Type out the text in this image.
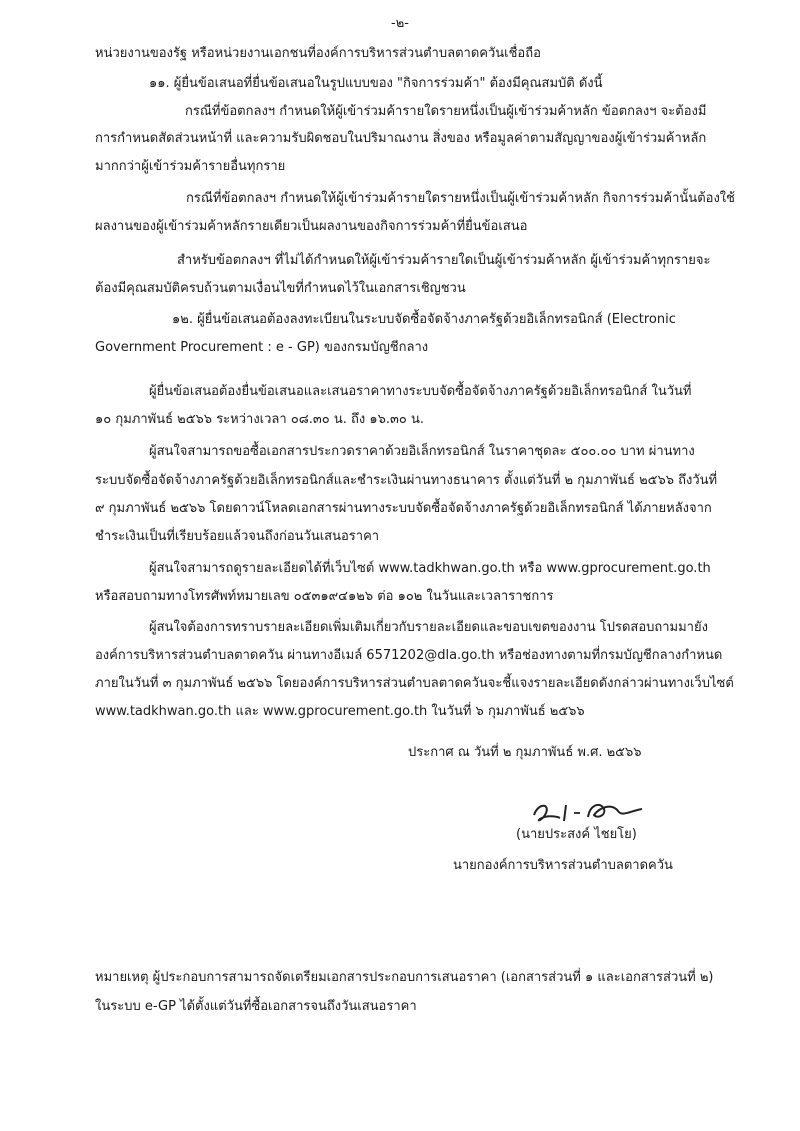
-๒-
หน่วยงานของรัฐ หรือหน่วยงานเอกชนที่องค์การบริหารส่วนตำบลตาดควันเชื่อถือ
๑๑. ผู้ยื่นข้อเสนอที่ยื่นข้อเสนอในรูปแบบของ "กิจการร่วมค้า" ต้องมีคุณสมบัติ ดังนี้
กรณีที่ข้อตกลงฯ กำหนดให้ผู้เข้าร่วมค้ารายใดรายหนึ่งเป็นผู้เข้าร่วมค้าหลัก ข้อตกลงฯ จะต้องมี
การกำหนดสัดส่วนหน้าที่ และความรับผิดชอบในปริมาณงาน สิ่งของ หรือมูลค่าตามสัญญาของผู้เข้าร่วมค้าหลัก
มากกว่าผู้เข้าร่วมค้ารายอื่นทุกราย
กรณีที่ข้อตกลงฯ กำหนดให้ผู้เข้าร่วมค้ารายใดรายหนึ่งเป็นผู้เข้าร่วมค้าหลัก กิจการร่วมค้านั้นต้องใช้
ผลงานของผู้เข้าร่วมค้าหลักรายเดียวเป็นผลงานของกิจการร่วมค้าที่ยื่นข้อเสนอ
สำหรับข้อตกลงฯ ที่ไม่ได้กำหนดให้ผู้เข้าร่วมค้ารายใดเป็นผู้เข้าร่วมค้าหลัก ผู้เข้าร่วมค้าทุกรายจะ
ต้องมีคุณสมบัติครบถ้วนตามเงื่อนไขที่กำหนดไว้ในเอกสารเชิญชวน
๑๒. ผู้ยื่นข้อเสนอต้องลงทะเบียนในระบบจัดซื้อจัดจ้างภาครัฐด้วยอิเล็กทรอนิกส์ (Electronic
Government Procurement : e - GP) ของกรมบัญชีกลาง
ผู้ยื่นข้อเสนอต้องยื่นข้อเสนอและเสนอราคาทางระบบจัดซื้อจัดจ้างภาครัฐด้วยอิเล็กทรอนิกส์ ในวันที่
๑๐ กุมภาพันธ์ ๒๕๖๖ ระหว่างเวลา ๐๘.๓๐ น. ถึง ๑๖.๓๐ น.
ผู้สนใจสามารถขอซื้อเอกสารประกวดราคาด้วยอิเล็กทรอนิกส์ ในราคาชุดละ ๕๐๐.๐๐ บาท ผ่านทาง
ระบบจัดซื้อจัดจ้างภาครัฐด้วยอิเล็กทรอนิกส์และชำระเงินผ่านทางธนาคาร ตั้งแต่วันที่ ๒ กุมภาพันธ์ ๒๕๖๖ ถึงวันที่
๙ กุมภาพันธ์ ๒๕๖๖ โดยดาวน์โหลดเอกสารผ่านทางระบบจัดซื้อจัดจ้างภาครัฐด้วยอิเล็กทรอนิกส์ ได้ภายหลังจาก
ชำระเงินเป็นที่เรียบร้อยแล้วจนถึงก่อนวันเสนอราคา
ผู้สนใจสามารถดูรายละเอียดได้ที่เว็บไซต์ www.tadkhwan.go.th หรือ www.gprocurement.go.th
หรือสอบถามทางโทรศัพท์หมายเลข ๐๕๓๑๙๔๑๒๖ ต่อ ๑๐๒ ในวันและเวลาราชการ
ผู้สนใจต้องการทราบรายละเอียดเพิ่มเติมเกี่ยวกับรายละเอียดและขอบเขตของงาน โปรดสอบถามมายัง
องค์การบริหารส่วนตำบลตาดควัน ผ่านทางอีเมล์ 6571202@dla.go.th หรือช่องทางตามที่กรมบัญชีกลางกำหนด
ภายในวันที่ ๓ กุมภาพันธ์ ๒๕๖๖ โดยองค์การบริหารส่วนตำบลตาดควันจะชี้แจงรายละเอียดดังกล่าวผ่านทางเว็บไซต์
www.tadkhwan.go.th และ www.gprocurement.go.th ในวันที่ ๖ กุมภาพันธ์ ๒๕๖๖
ประกาศ ณ วันที่ ๒ กุมภาพันธ์ พ.ศ. ๒๕๖๖
(นายประสงค์ ไชยโย)
นายกองค์การบริหารส่วนตำบลตาดควัน
หมายเหตุ ผู้ประกอบการสามารถจัดเตรียมเอกสารประกอบการเสนอราคา (เอกสารส่วนที่ ๑ และเอกสารส่วนที่ ๒)
ในระบบ e-GP ได้ตั้งแต่วันที่ซื้อเอกสารจนถึงวันเสนอราคา
